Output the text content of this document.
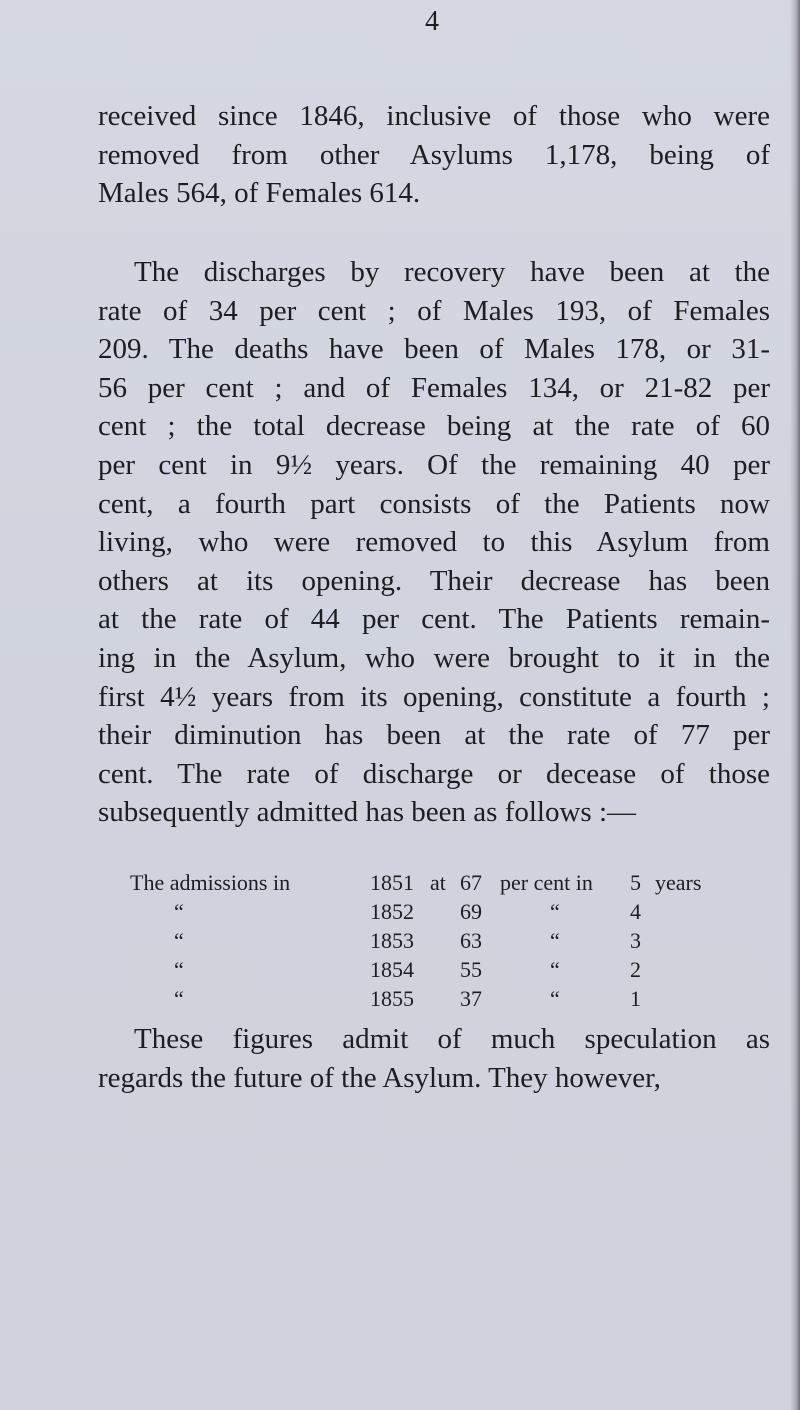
4
received since 1846, inclusive of those who were
removed from other Asylums 1,178, being of
Males 564, of Females 614.
The discharges by recovery have been at the
rate of 34 per cent ; of Males 193, of Females
209. The deaths have been of Males 178, or 31-
56 per cent ; and of Females 134, or 21-82 per
cent ; the total decrease being at the rate of 60
per cent in 9½ years. Of the remaining 40 per
cent, a fourth part consists of the Patients now
living, who were removed to this Asylum from
others at its opening. Their decrease has been
at the rate of 44 per cent. The Patients remain-
ing in the Asylum, who were brought to it in the
first 4½ years from its opening, constitute a fourth ;
their diminution has been at the rate of 77 per
cent. The rate of discharge or decease of those
subsequently admitted has been as follows :—
The admissions in	1851 at 67 per cent in 5 years
“	1852 69	“	4
“	1853 63	“	3
“	1854 55	“	2
“	1855 37	“	1
These figures admit of much speculation as
regards the future of the Asylum. They however,
